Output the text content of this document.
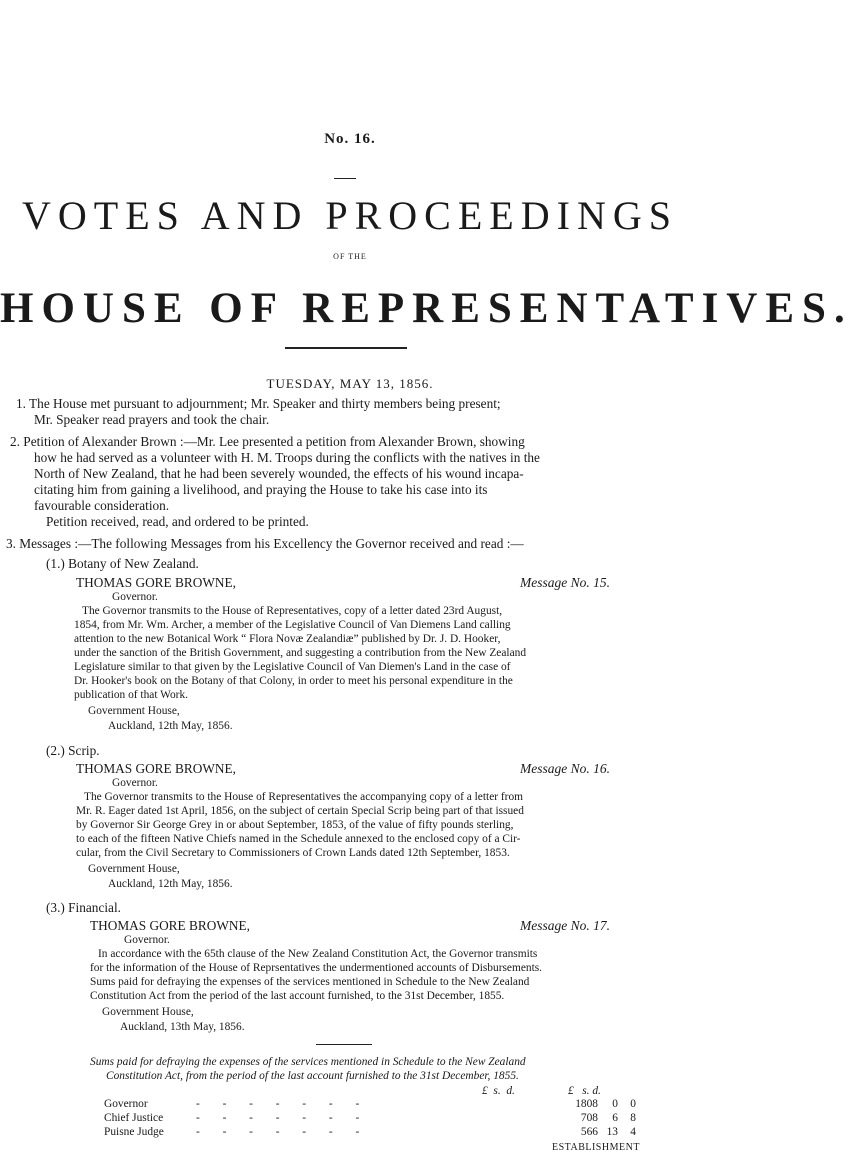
No. 16.
VOTES AND PROCEEDINGS
OF THE
HOUSE OF REPRESENTATIVES.
TUESDAY, MAY 13, 1856.
1. The House met pursuant to adjournment; Mr. Speaker and thirty members being present;
Mr. Speaker read prayers and took the chair.
2. Petition of Alexander Brown :—Mr. Lee presented a petition from Alexander Brown, showing
how he had served as a volunteer with H. M. Troops during the conflicts with the natives in the
North of New Zealand, that he had been severely wounded, the effects of his wound incapa-
citating him from gaining a livelihood, and praying the House to take his case into its
favourable consideration.
Petition received, read, and ordered to be printed.
3. Messages :—The following Messages from his Excellency the Governor received and read :—
(1.) Botany of New Zealand.
THOMAS GORE BROWNE,	Message No. 15.
Governor.
The Governor transmits to the House of Representatives, copy of a letter dated 23rd August,
1854, from Mr. Wm. Archer, a member of the Legislative Council of Van Diemens Land calling
attention to the new Botanical Work “ Flora Novæ Zealandiæ” published by Dr. J. D. Hooker,
under the sanction of the British Government, and suggesting a contribution from the New Zealand
Legislature similar to that given by the Legislative Council of Van Diemen's Land in the case of
Dr. Hooker's book on the Botany of that Colony, in order to meet his personal expenditure in the
publication of that Work.
Government House,
Auckland, 12th May, 1856.
(2.) Scrip.
THOMAS GORE BROWNE,	Message No. 16.
Governor.
The Governor transmits to the House of Representatives the accompanying copy of a letter from
Mr. R. Eager dated 1st April, 1856, on the subject of certain Special Scrip being part of that issued
by Governor Sir George Grey in or about September, 1853, of the value of fifty pounds sterling,
to each of the fifteen Native Chiefs named in the Schedule annexed to the enclosed copy of a Cir-
cular, from the Civil Secretary to Commissioners of Crown Lands dated 12th September, 1853.
Government House,
Auckland, 12th May, 1856.
(3.) Financial.
THOMAS GORE BROWNE,	Message No. 17.
Governor.
In accordance with the 65th clause of the New Zealand Constitution Act, the Governor transmits
for the information of the House of Reprsentatives the undermentioned accounts of Disbursements.
Sums paid for defraying the expenses of the services mentioned in Schedule to the New Zealand
Constitution Act from the period of the last account furnished, to the 31st December, 1855.
Government House,
Auckland, 13th May, 1856.
Sums paid for defraying the expenses of the services mentioned in Schedule to the New Zealand
Constitution Act, from the period of the last account furnished to the 31st December, 1855.
£  s.  d.	£   s. d.
Governor	-        -        -        -        -        -        -	1808	0	0
Chief Justice	-        -        -        -        -        -        -	708	6	8
Puisne Judge	-        -        -        -        -        -        -	566 13	4
ESTABLISHMENT
